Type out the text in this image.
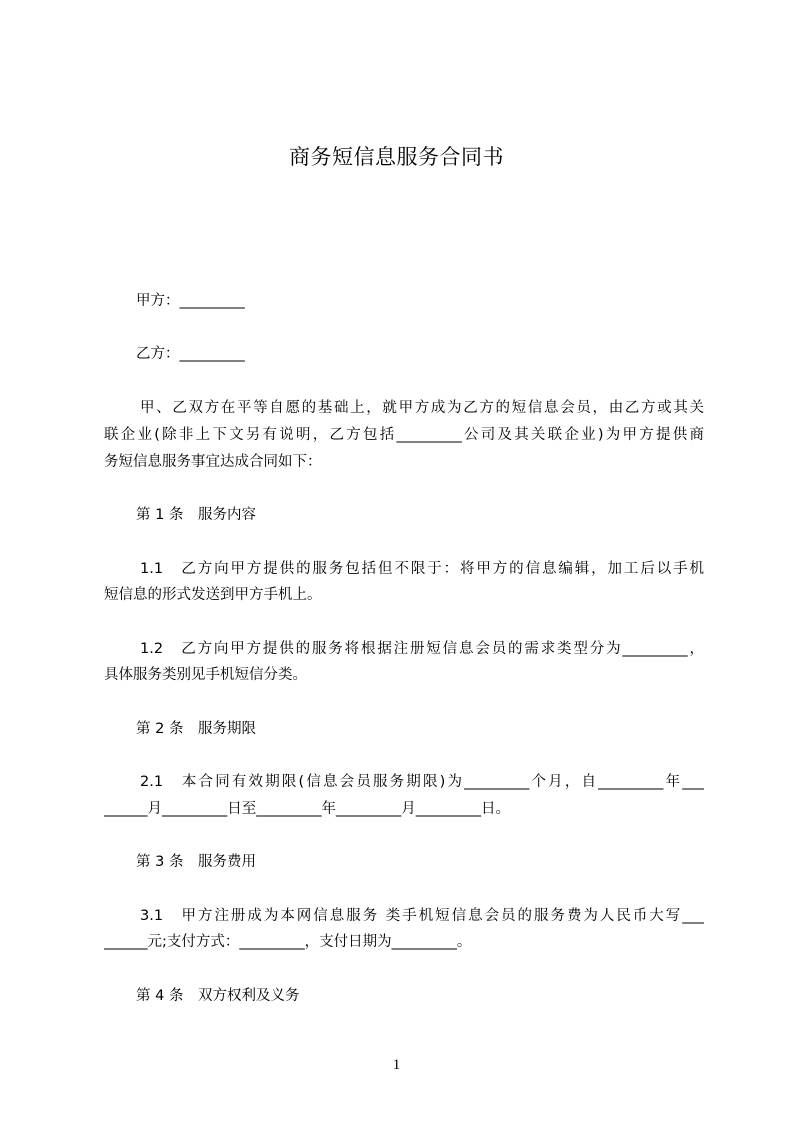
商务短信息服务合同书
甲方：_________
乙方：_________
甲、乙双方在平等自愿的基础上，就甲方成为乙方的短信息会员，由乙方或其关
联企业(除非上下文另有说明，乙方包括_________公司及其关联企业)为甲方提供商
务短信息服务事宜达成合同如下：
第 1 条　服务内容
1.1　乙方向甲方提供的服务包括但不限于：将甲方的信息编辑，加工后以手机
短信息的形式发送到甲方手机上。
1.2　乙方向甲方提供的服务将根据注册短信息会员的需求类型分为_________，
具体服务类别见手机短信分类。
第 2 条　服务期限
2.1　本合同有效期限(信息会员服务期限)为_________个月，自_________年___
______月_________日至_________年_________月_________日。
第 3 条　服务费用
3.1　甲方注册成为本网信息服务 类手机短信息会员的服务费为人民币大写___
______元;支付方式：_________，支付日期为_________。
第 4 条　双方权利及义务
1
